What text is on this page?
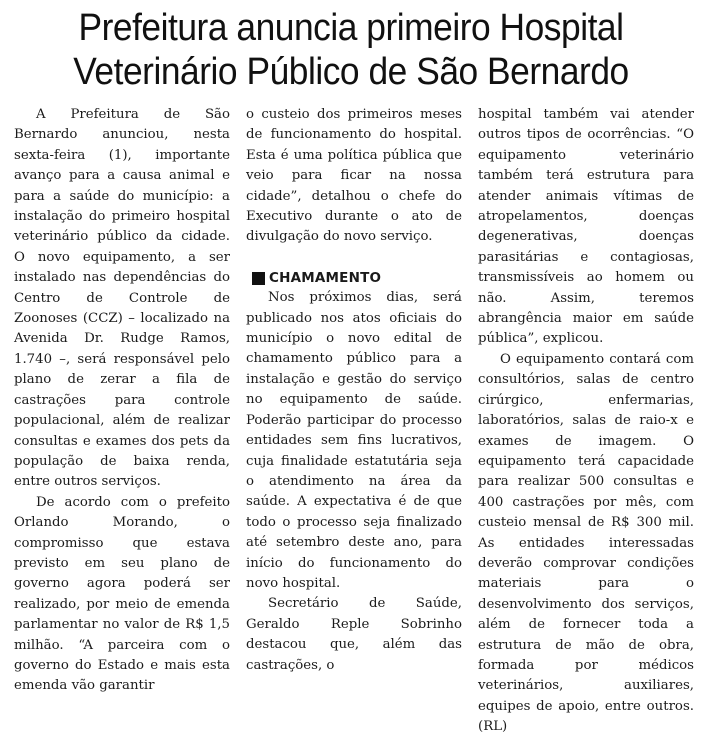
Prefeitura anuncia primeiro Hospital
Veterinário Público de São Bernardo

A Prefeitura de São Bernardo anunciou, nesta sexta-feira (1), importante avanço para a causa animal e para a saúde do município: a instalação do primeiro hospital veterinário público da cidade. O novo equipamento, a ser instalado nas dependências do Centro de Controle de Zoonoses (CCZ) – localizado na Avenida Dr. Rudge Ramos, 1.740 –, será responsável pelo plano de zerar a fila de castrações para controle populacional, além de realizar consultas e exames dos pets da população de baixa renda, entre outros serviços.

De acordo com o prefeito Orlando Morando, o compromisso que estava previsto em seu plano de governo agora poderá ser realizado, por meio de emenda parlamentar no valor de R$ 1,5 milhão. “A parceira com o governo do Estado e mais esta emenda vão garantir

o custeio dos primeiros meses de funcionamento do hospital. Esta é uma política pública que veio para ficar na nossa cidade”, detalhou o chefe do Executivo durante o ato de divulgação do novo serviço.

CHAMAMENTO

Nos próximos dias, será publicado nos atos oficiais do município o novo edital de chamamento público para a instalação e gestão do serviço no equipamento de saúde. Poderão participar do processo entidades sem fins lucrativos, cuja finalidade estatutária seja o atendimento na área da saúde. A expectativa é de que todo o processo seja finalizado até setembro deste ano, para início do funcionamento do novo hospital.

Secretário de Saúde, Geraldo Reple Sobrinho destacou que, além das castrações, o

hospital também vai atender outros tipos de ocorrências. “O equipamento veterinário também terá estrutura para atender animais vítimas de atropelamentos, doenças degenerativas, doenças parasitárias e contagiosas, transmissíveis ao homem ou não. Assim, teremos abrangência maior em saúde pública”, explicou.

O equipamento contará com consultórios, salas de centro cirúrgico, enfermarias, laboratórios, salas de raio-x e exames de imagem. O equipamento terá capacidade para realizar 500 consultas e 400 castrações por mês, com custeio mensal de R$ 300 mil. As entidades interessadas deverão comprovar condições materiais para o desenvolvimento dos serviços, além de fornecer toda a estrutura de mão de obra, formada por médicos veterinários, auxiliares, equipes de apoio, entre outros. (RL)
